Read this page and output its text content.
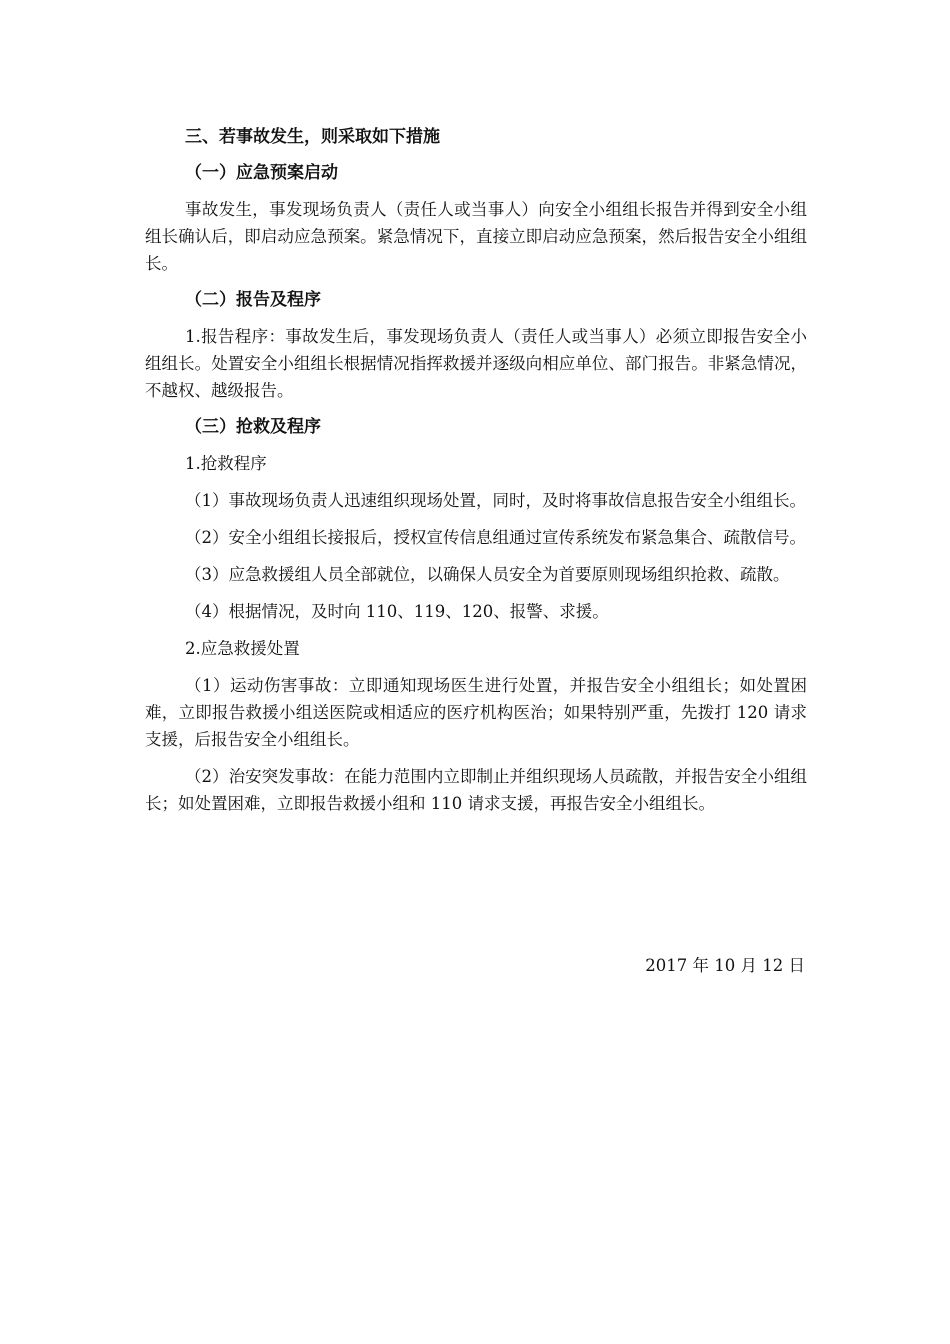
三、若事故发生，则采取如下措施
（一）应急预案启动

事故发生，事发现场负责人（责任人或当事人）向安全小组组长报告并得到安全小组组长确认后，即启动应急预案。紧急情况下，直接立即启动应急预案，然后报告安全小组组长。

（二）报告及程序

1.报告程序：事故发生后，事发现场负责人（责任人或当事人）必须立即报告安全小组组长。处置安全小组组长根据情况指挥救援并逐级向相应单位、部门报告。非紧急情况，不越权、越级报告。

（三）抢救及程序

1.抢救程序

（1）事故现场负责人迅速组织现场处置，同时，及时将事故信息报告安全小组组长。

（2）安全小组组长接报后，授权宣传信息组通过宣传系统发布紧急集合、疏散信号。

（3）应急救援组人员全部就位，以确保人员安全为首要原则现场组织抢救、疏散。

（4）根据情况，及时向 110、119、120、报警、求援。

2.应急救援处置

（1）运动伤害事故：立即通知现场医生进行处置，并报告安全小组组长；如处置困难，立即报告救援小组送医院或相适应的医疗机构医治；如果特别严重，先拨打 120 请求支援，后报告安全小组组长。

（2）治安突发事故：在能力范围内立即制止并组织现场人员疏散，并报告安全小组组长；如处置困难，立即报告救援小组和 110 请求支援，再报告安全小组组长。

2017 年 10 月 12 日
